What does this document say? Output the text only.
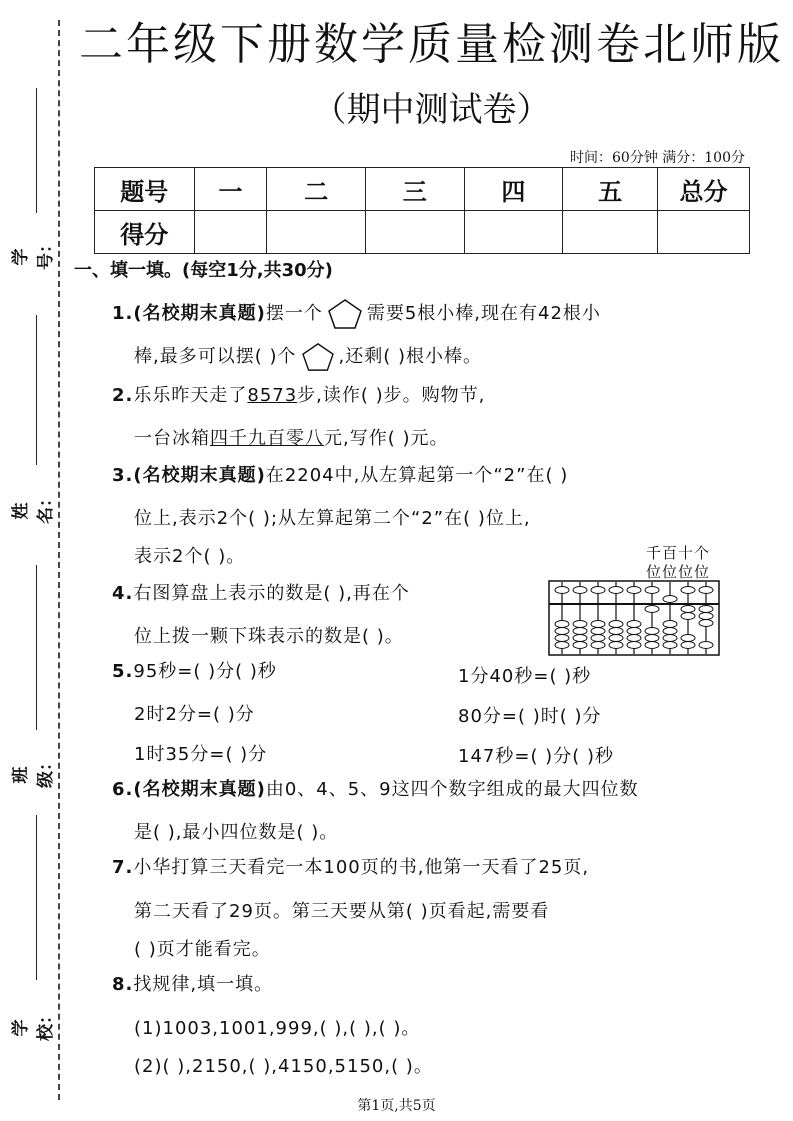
学号：
姓名：
班级：
学校：
二年级下册数学质量检测卷北师版
（期中测试卷）
时间：60分钟 满分：100分
题号	一	二	三	四	五	总分
得分						
一、填一填。(每空1分,共30分)
1.(名校期末真题)摆一个 需要5根小棒,现在有42根小
棒,最多可以摆( )个 ,还剩( )根小棒。
2.乐乐昨天走了8573步,读作( )步。购物节,
一台冰箱四千九百零八元,写作( )元。
3.(名校期末真题)在2204中,从左算起第一个“2”在( )
位上,表示2个( );从左算起第二个“2”在( )位上,
表示2个( )。	千百十个
位位位位
4.右图算盘上表示的数是( ),再在个
位上拨一颗下珠表示的数是( )。
5.95秒=( )分( )秒	1分40秒=( )秒
2时2分=( )分	80分=( )时( )分
1时35分=( )分	147秒=( )分( )秒
6.(名校期末真题)由0、4、5、9这四个数字组成的最大四位数
是( ),最小四位数是( )。
7.小华打算三天看完一本100页的书,他第一天看了25页,
第二天看了29页。第三天要从第( )页看起,需要看
( )页才能看完。
8.找规律,填一填。
(1)1003,1001,999,( ),( ),( )。
(2)( ),2150,( ),4150,5150,( )。
第1页,共5页
